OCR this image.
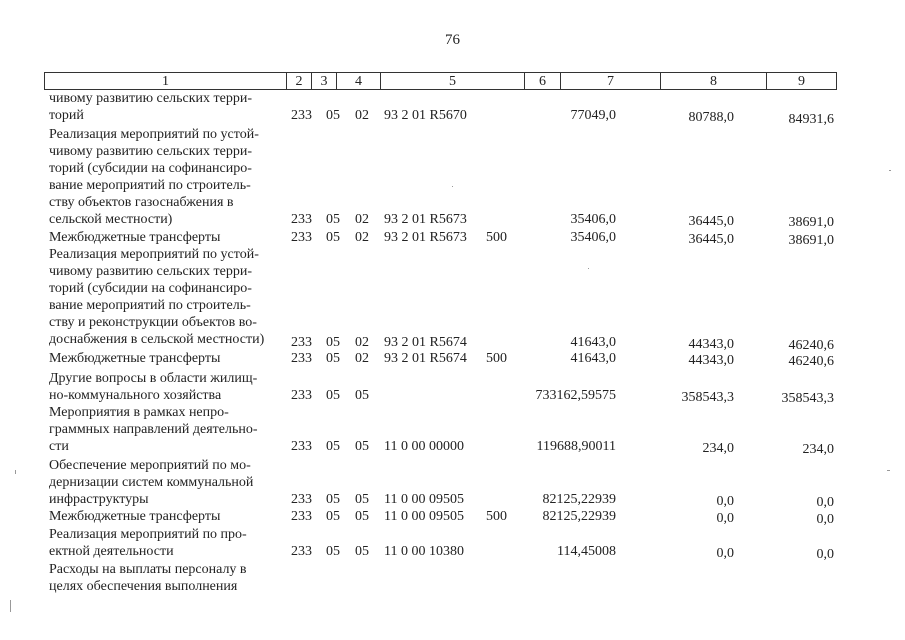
76
1	2	3	4	5	6	7	8	9
чивому развитию сельских терри-
торий	233	05 02 93 2 01 R5670	77049,0	80788,0	84931,6
Реализация мероприятий по устой-
чивому развитию сельских терри-
торий (субсидии на софинансиро-
вание мероприятий по строитель-
ству объектов газоснабжения в
сельской местности)	233	05 02 93 2 01 R5673	35406,0	36445,0	38691,0
Межбюджетные трансферты	233	05 02 93 2 01 R5673	500	35406,0	36445,0	38691,0
Реализация мероприятий по устой-
чивому развитию сельских терри-
торий (субсидии на софинансиро-
вание мероприятий по строитель-
ству и реконструкции объектов во-
доснабжения в сельской местности)	233	05 02 93 2 01 R5674	41643,0	44343,0	46240,6
Межбюджетные трансферты	233	05 02 93 2 01 R5674	500	41643,0	44343,0	46240,6
Другие вопросы в области жилищ-
но-коммунального хозяйства	233	05 05	733162,59575	358543,3	358543,3
Мероприятия в рамках непро-
граммных направлений деятельно-
сти	233	05 05 11 0 00 00000	119688,90011	234,0	234,0
Обеспечение мероприятий по мо-
дернизации систем коммунальной
инфраструктуры	233	05 05 11 0 00 09505	82125,22939	0,0	0,0
Межбюджетные трансферты	233	05 05 11 0 00 09505	500	82125,22939	0,0	0,0
Реализация мероприятий по про-
ектной деятельности	233	05 05 11 0 00 10380	114,45008	0,0	0,0
Расходы на выплаты персоналу в
целях обеспечения выполнения
